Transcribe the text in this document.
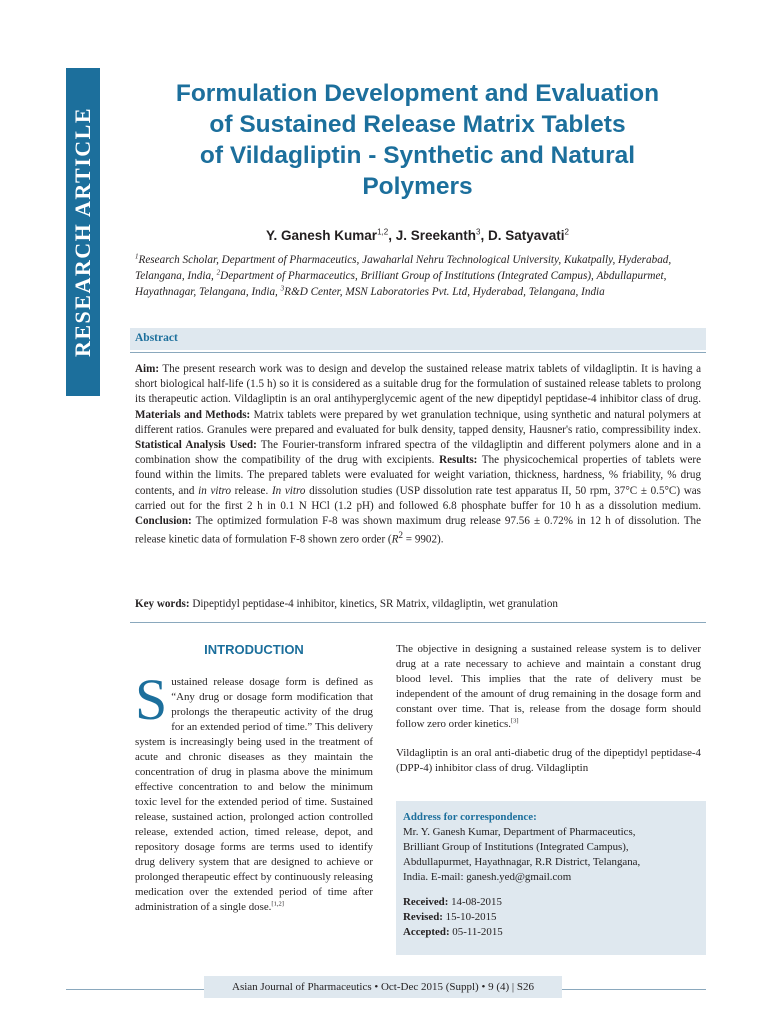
RESEARCH ARTICLE
Formulation Development and Evaluation
of Sustained Release Matrix Tablets
of Vildagliptin - Synthetic and Natural
Polymers
Y. Ganesh Kumar$^{1,2}$, J. Sreekanth$^3$, D. Satyavati$^2$
$^1$Research Scholar, Department of Pharmaceutics, Jawaharlal Nehru Technological University, Kukatpally, Hyderabad, Telangana, India, $^2$Department of Pharmaceutics, Brilliant Group of Institutions (Integrated Campus), Abdullapurmet, Hayathnagar, Telangana, India, $^3$R&D Center, MSN Laboratories Pvt. Ltd, Hyderabad, Telangana, India
Abstract

Aim: The present research work was to design and develop the sustained release matrix tablets of vildagliptin. It is having a short biological half-life (1.5 h) so it is considered as a suitable drug for the formulation of sustained release tablets to prolong its therapeutic action. Vildagliptin is an oral antihyperglycemic agent of the new dipeptidyl peptidase-4 inhibitor class of drug. Materials and Methods: Matrix tablets were prepared by wet granulation technique, using synthetic and natural polymers at different ratios. Granules were prepared and evaluated for bulk density, tapped density, Hausner's ratio, compressibility index. Statistical Analysis Used: The Fourier-transform infrared spectra of the vildagliptin and different polymers alone and in a combination show the compatibility of the drug with excipients. Results: The physicochemical properties of tablets were found within the limits. The prepared tablets were evaluated for weight variation, thickness, hardness, % friability, % drug contents, and in vitro release. In vitro dissolution studies (USP dissolution rate test apparatus II, 50 rpm, 37°C ± 0.5°C) was carried out for the first 2 h in 0.1 N HCl (1.2 pH) and followed 6.8 phosphate buffer for 10 h as a dissolution medium. Conclusion: The optimized formulation F-8 was shown maximum drug release 97.56 ± 0.72% in 12 h of dissolution. The release kinetic data of formulation F-8 shown zero order $(R^2 = 9902)$.

Key words: Dipeptidyl peptidase-4 inhibitor, kinetics, SR Matrix, vildagliptin, wet granulation

INTRODUCTION

Sustained release dosage form is defined as “Any drug or dosage form modification that prolongs the therapeutic activity of the drug for an extended period of time.” This delivery system is increasingly being used in the treatment of acute and chronic diseases as they maintain the concentration of drug in plasma above the minimum effective concentration to and below the minimum toxic level for the extended period of time. Sustained release, sustained action, prolonged action controlled release, extended action, timed release, depot, and repository dosage forms are terms used to identify drug delivery system that are designed to achieve or prolonged therapeutic effect by continuously releasing medication over the extended period of time after administration of a single dose.[1,2]

The objective in designing a sustained release system is to deliver drug at a rate necessary to achieve and maintain a constant drug blood level. This implies that the rate of delivery must be independent of the amount of drug remaining in the dosage form and constant over time. That is, release from the dosage form should follow zero order kinetics.[3]

Vildagliptin is an oral anti-diabetic drug of the dipeptidyl peptidase-4 (DPP-4) inhibitor class of drug. Vildagliptin

Address for correspondence:
Mr. Y. Ganesh Kumar, Department of Pharmaceutics,
Brilliant Group of Institutions (Integrated Campus),
Abdullapurmet, Hayathnagar, R.R District, Telangana,
India. E-mail: ganesh.yed@gmail.com
Received: 14-08-2015
Revised: 15-10-2015
Accepted: 05-11-2015
Asian Journal of Pharmaceutics • Oct-Dec 2015 (Suppl) • 9 (4) | S26
